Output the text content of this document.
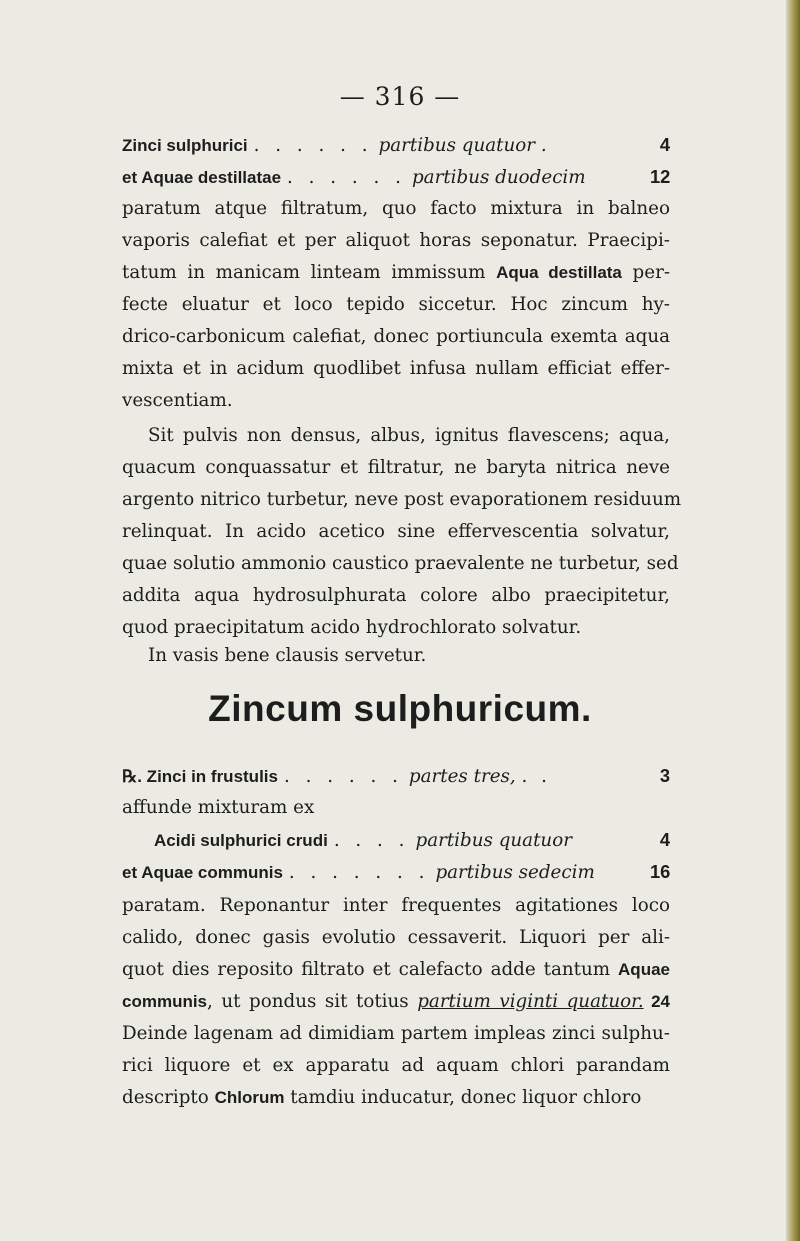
— 316 —
Zinci sulphurici . . . . . . partibus quatuor .	4
et Aquae destillatae . . . . . . partibus duodecim	12
paratum atque filtratum, quo facto mixtura in balneo
vaporis calefiat et per aliquot horas seponatur. Praecipi-
tatum in manicam linteam immissum Aqua destillata per-
fecte eluatur et loco tepido siccetur. Hoc zincum hy-
drico-carbonicum calefiat, donec portiuncula exemta aqua
mixta et in acidum quodlibet infusa nullam efficiat effer-
vescentiam.
Sit pulvis non densus, albus, ignitus flavescens; aqua,
quacum conquassatur et filtratur, ne baryta nitrica neve
argento nitrico turbetur, neve post evaporationem residuum
relinquat. In acido acetico sine effervescentia solvatur,
quae solutio ammonio caustico praevalente ne turbetur, sed
addita aqua hydrosulphurata colore albo praecipitetur,
quod praecipitatum acido hydrochlorato solvatur.
In vasis bene clausis servetur.
Zincum sulphuricum.
℞. Zinci in frustulis . . . . . . partes tres, . .	3
affunde mixturam ex
Acidi sulphurici crudi . . . . partibus quatuor	4
et Aquae communis . . . . . . . partibus sedecim	16
paratam. Reponantur inter frequentes agitationes loco
calido, donec gasis evolutio cessaverit. Liquori per ali-
quot dies reposito filtrato et calefacto adde tantum Aquae
communis, ut pondus sit totius partium viginti quatuor. 24
Deinde lagenam ad dimidiam partem impleas zinci sulphu-
rici liquore et ex apparatu ad aquam chlori parandam
descripto Chlorum tamdiu inducatur, donec liquor chloro
